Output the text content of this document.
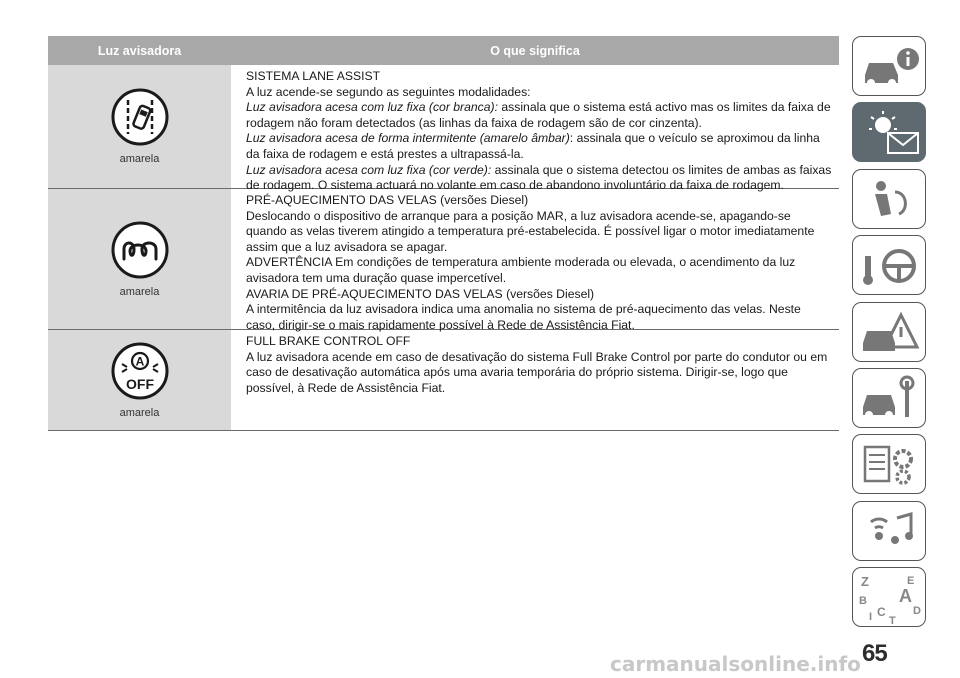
Luz avisadora	O que significa
amarela
SISTEMA LANE ASSIST
A luz acende-se segundo as seguintes modalidades:
Luz avisadora acesa com luz fixa (cor branca): assinala que o sistema está activo mas os limites da faixa de rodagem não foram detectados (as linhas da faixa de rodagem são de cor cinzenta).
Luz avisadora acesa de forma intermitente (amarelo âmbar): assinala que o veículo se aproximou da linha da faixa de rodagem e está prestes a ultrapassá-la.
Luz avisadora acesa com luz fixa (cor verde): assinala que o sistema detectou os limites de ambas as faixas de rodagem. O sistema actuará no volante em caso de abandono involuntário da faixa de rodagem.
amarela
PRÉ-AQUECIMENTO DAS VELAS (versões Diesel)
Deslocando o dispositivo de arranque para a posição MAR, a luz avisadora acende-se, apagando-se quando as velas tiverem atingido a temperatura pré-estabelecida. É possível ligar o motor imediatamente assim que a luz avisadora se apagar.
ADVERTÊNCIA Em condições de temperatura ambiente moderada ou elevada, o acendimento da luz avisadora tem uma duração quase impercetível.
AVARIA DE PRÉ-AQUECIMENTO DAS VELAS (versões Diesel)
A intermitência da luz avisadora indica uma anomalia no sistema de pré-aquecimento das velas. Neste caso, dirigir-se o mais rapidamente possível à Rede de Assistência Fiat.
A
OFF
amarela
FULL BRAKE CONTROL OFF
A luz avisadora acende em caso de desativação do sistema Full Brake Control por parte do condutor ou em caso de desativação automática após uma avaria temporária do próprio sistema. Dirigir-se, logo que possível, à Rede de Assistência Fiat.
Z	E
B A
C D
T
I
65
carmanualsonline.info
